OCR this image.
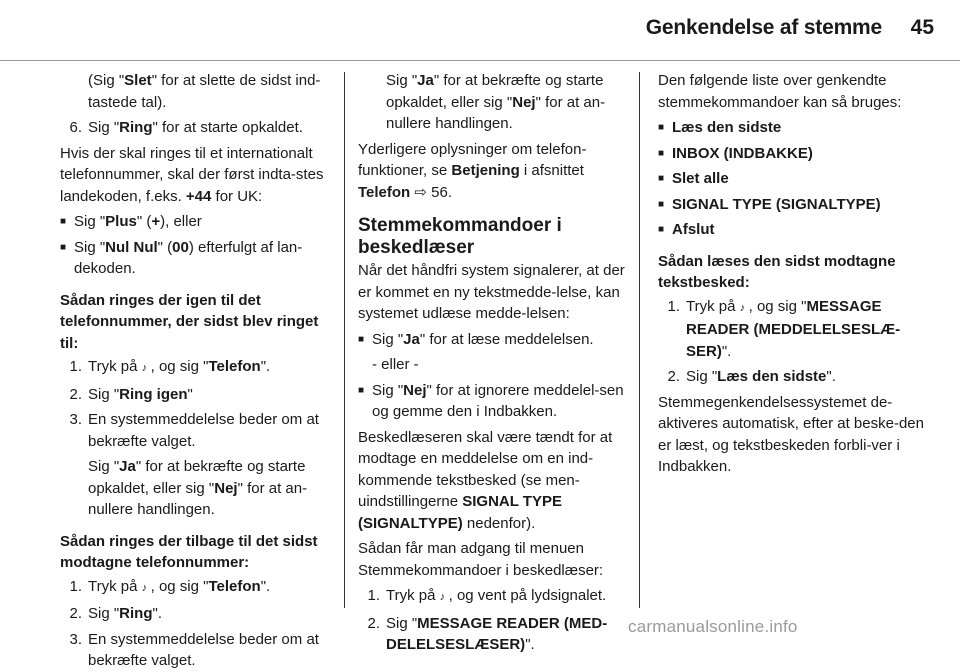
Genkendelse af stemme 45

(Sig "Slet" for at slette de sidst ind-tastede tal).

6. Sig "Ring" for at starte opkaldet.

Hvis der skal ringes til et internationalt telefonnummer, skal der først indta-stes landekoden, f.eks. +44 for UK:

■ Sig "Plus" (+), eller
■ Sig "Nul Nul" (00) efterfulgt af lan-dekoden.

Sådan ringes der igen til det telefonnummer, der sidst blev ringet til:

1. Tryk på ♪ , og sig "Telefon".
2. Sig "Ring igen"
3. En systemmeddelelse beder om at bekræfte valget.

Sig "Ja" for at bekræfte og starte opkaldet, eller sig "Nej" for at an-nullere handlingen.

Sådan ringes der tilbage til det sidst modtagne telefonnummer:

1. Tryk på ♪ , og sig "Telefon".
2. Sig "Ring".
3. En systemmeddelelse beder om at bekræfte valget.

Sig "Ja" for at bekræfte og starte opkaldet, eller sig "Nej" for at an-nullere handlingen.

Yderligere oplysninger om telefon-funktioner, se Betjening i afsnittet Telefon ⇨ 56.

Stemmekommandoer i beskedlæser

Når det håndfri system signalerer, at der er kommet en ny tekstmedde-lelse, kan systemet udlæse medde-lelsen:

■ Sig "Ja" for at læse meddelelsen.

- eller -

■ Sig "Nej" for at ignorere meddelel-sen og gemme den i Indbakken.

Beskedlæseren skal være tændt for at modtage en meddelelse om en ind-kommende tekstbesked (se men-uindstillingerne SIGNAL TYPE (SIGNALTYPE) nedenfor).

Sådan får man adgang til menuen Stemmekommandoer i beskedlæser:

1. Tryk på ♪ , og vent på lydsignalet.
2. Sig "MESSAGE READER (MED-DELELSESLÆSER)".

Den følgende liste over genkendte stemmekommandoer kan så bruges:

■ Læs den sidste
■ INBOX (INDBAKKE)
■ Slet alle
■ SIGNAL TYPE (SIGNALTYPE)
■ Afslut

Sådan læses den sidst modtagne tekstbesked:

1. Tryk på ♪ , og sig "MESSAGE READER (MEDDELELSESLÆ-SER)".
2. Sig "Læs den sidste".

Stemmegenkendelsessystemet de-aktiveres automatisk, efter at beske-den er læst, og tekstbeskeden forbli-ver i Indbakken.

carmanualsonline.info
